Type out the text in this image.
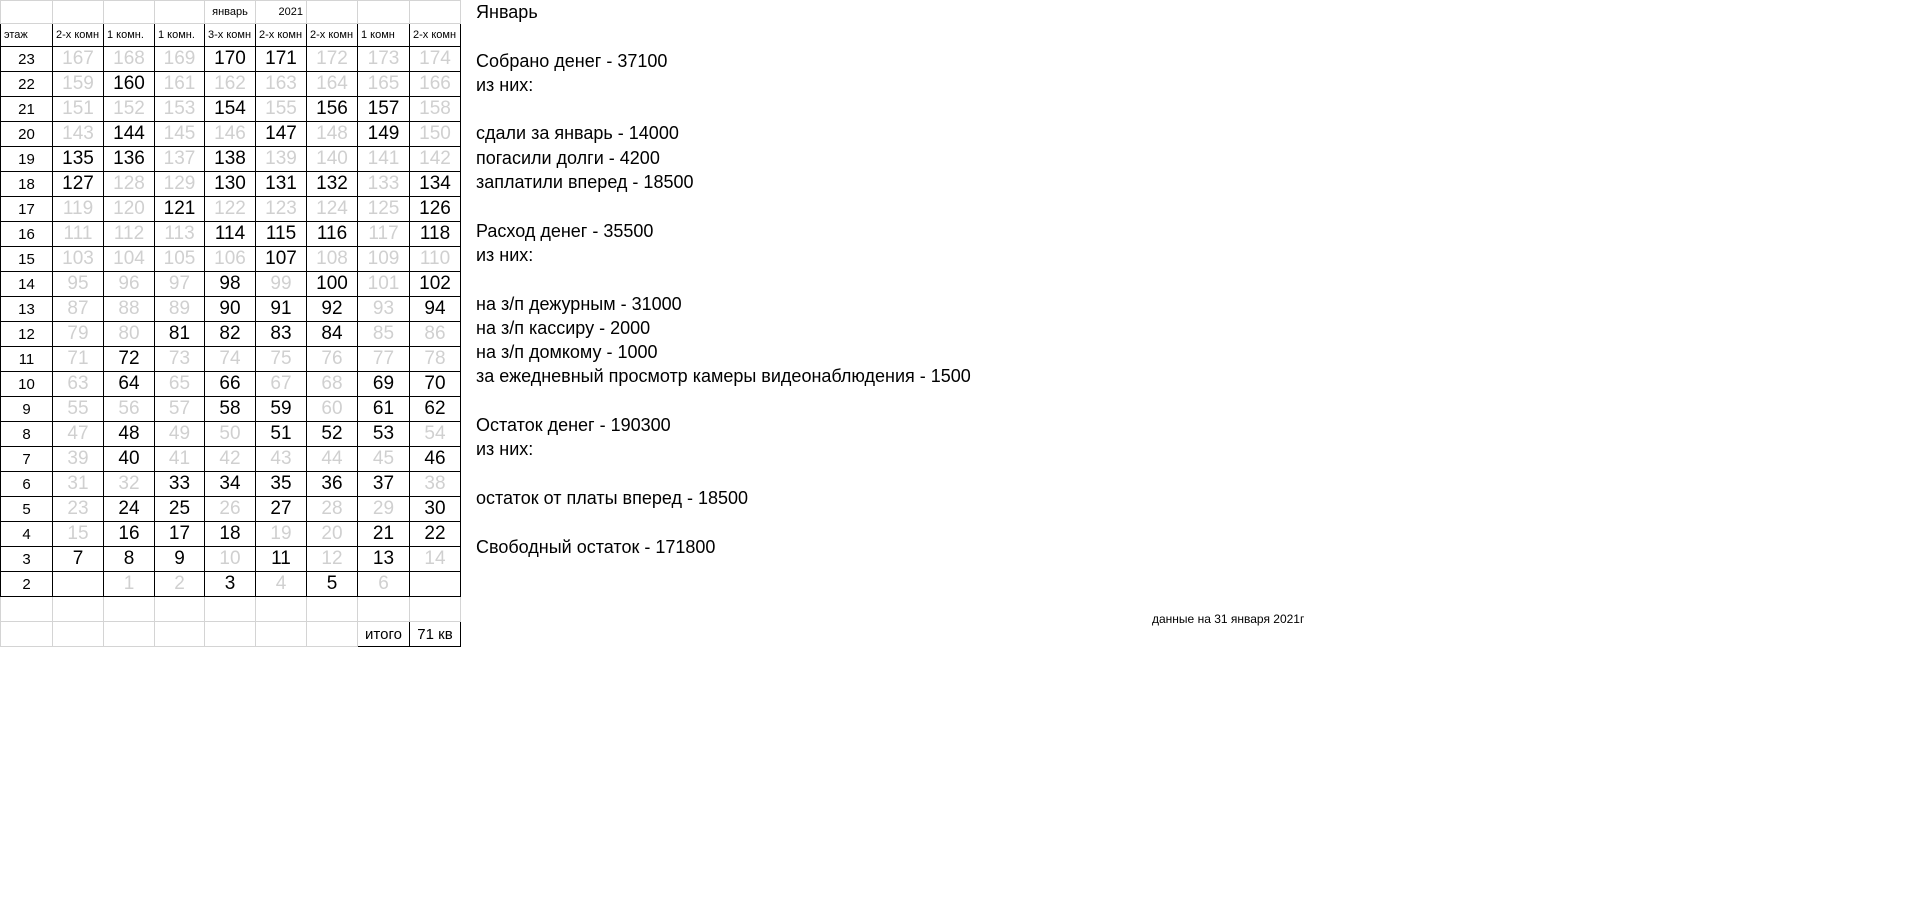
				январь	2021			
этаж	2-х комн	1 комн.	1 комн.	3-х комн	2-х комн	2-х комн	1 комн	2-х комн
23	167	168	169	170	171	172	173	174
22	159	160	161	162	163	164	165	166
21	151	152	153	154	155	156	157	158
20	143	144	145	146	147	148	149	150
19	135	136	137	138	139	140	141	142
18	127	128	129	130	131	132	133	134
17	119	120	121	122	123	124	125	126
16	111	112	113	114	115	116	117	118
15	103	104	105	106	107	108	109	110
14	95	96	97	98	99	100	101	102
13	87	88	89	90	91	92	93	94
12	79	80	81	82	83	84	85	86
11	71	72	73	74	75	76	77	78
10	63	64	65	66	67	68	69	70
9	55	56	57	58	59	60	61	62
8	47	48	49	50	51	52	53	54
7	39	40	41	42	43	44	45	46
6	31	32	33	34	35	36	37	38
5	23	24	25	26	27	28	29	30
4	15	16	17	18	19	20	21	22
3	7	8	9	10	11	12	13	14
2		1	2	3	4	5	6	

							итого	71 кв
Январь
Собрано денег - 37100
из них:
сдали за январь - 14000
погасили долги - 4200
заплатили вперед - 18500
Расход денег - 35500
из них:
на з/п дежурным - 31000
на з/п кассиру - 2000
на з/п домкому - 1000
за ежедневный просмотр камеры видеонаблюдения - 1500
Остаток денег - 190300
из них:
остаток от платы вперед - 18500
Свободный остаток - 171800
данные на 31 января 2021г
